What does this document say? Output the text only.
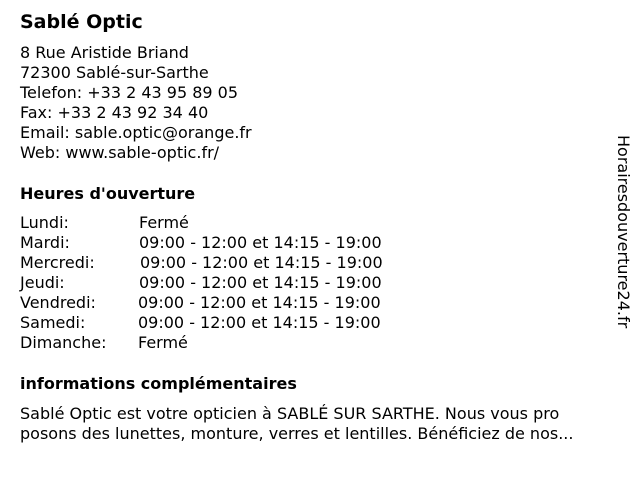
Sablé Optic
8 Rue Aristide Briand
72300 Sablé-sur-Sarthe
Telefon: +33 2 43 95 89 05
Fax: +33 2 43 92 34 40
Email: sable.optic@orange.fr
Web: www.sable-optic.fr/
Heures d'ouverture
Lundi:	Fermé
Mardi:	09:00 - 12:00 et 14:15 - 19:00
Mercredi:	09:00 - 12:00 et 14:15 - 19:00
Jeudi:	09:00 - 12:00 et 14:15 - 19:00
Vendredi:	09:00 - 12:00 et 14:15 - 19:00
Samedi:	09:00 - 12:00 et 14:15 - 19:00
Dimanche: Fermé
informations complémentaires
Sablé Optic est votre opticien à SABLÉ SUR SARTHE. Nous vous pro
posons des lunettes, monture, verres et lentilles. Bénéficiez de nos...
Horairesdouverture24.fr
